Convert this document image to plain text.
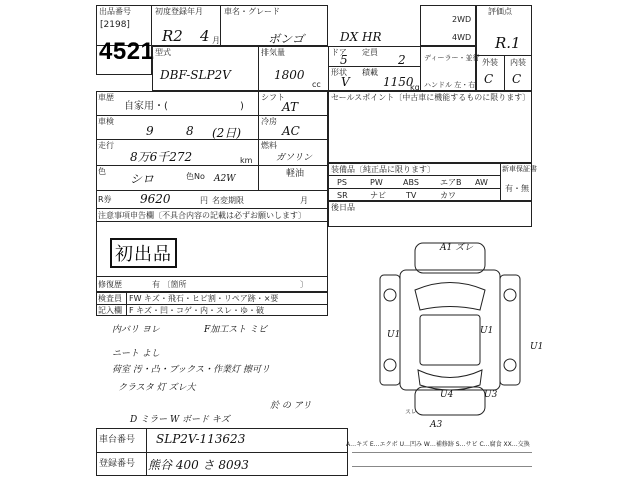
出品番号
[2198]
4521
初度登録年月
R2 4 月
車名・グレード
ボンゴ	DX HR
2WD
4WD
評価点
R.1
外装 内装
C C
型式
DBF-SLP2V
排気量
1800
cc
ドア
5
定員
2
形状
V
積載
1150
kg
ディーラー・並行
ハンドル 左・右
車歴
自家用・(	)
シフト
AT
車検
9	8 (2日)
冷房
AC
走行
8万6千272	km
燃料
ガソリン
軽油
色
シロ	色No A2W
R券 9620	円 名変期限	月
注意事項申告欄〔不具合内容の記載は必ずお願いします〕
初出品
修復歴	有 〔箇所	〕
検査員 FW キズ・飛石・ヒビ割・リペア跡・×要
記入欄 F キズ・凹・コゲ・内・スレ・ゆ・破
内バリ ヨレ	F加工スト ミビ
ニート よし
荷室 汚・凸・ブックス・作業灯 擦可リ
クラスタ 灯 ズレ大
於 の アリ
D ミラー W ボード キズ
セールスポイント〔中古車に機能するものに限ります〕
装備品〔純正品に限ります〕	新車保証書
有・無
PS	PW	ABS	エアB AW
SR	ナビ	TV	カワ
後日品
A1 ズレ
U1	U1
U1
U4	U3
A3
スレ
A…キズ E…エクボ U…凹み W…補修跡 S…サビ C…腐食 XX…交換
車台番号 SLP2V-113623
登録番号 熊谷 400 さ 8093
